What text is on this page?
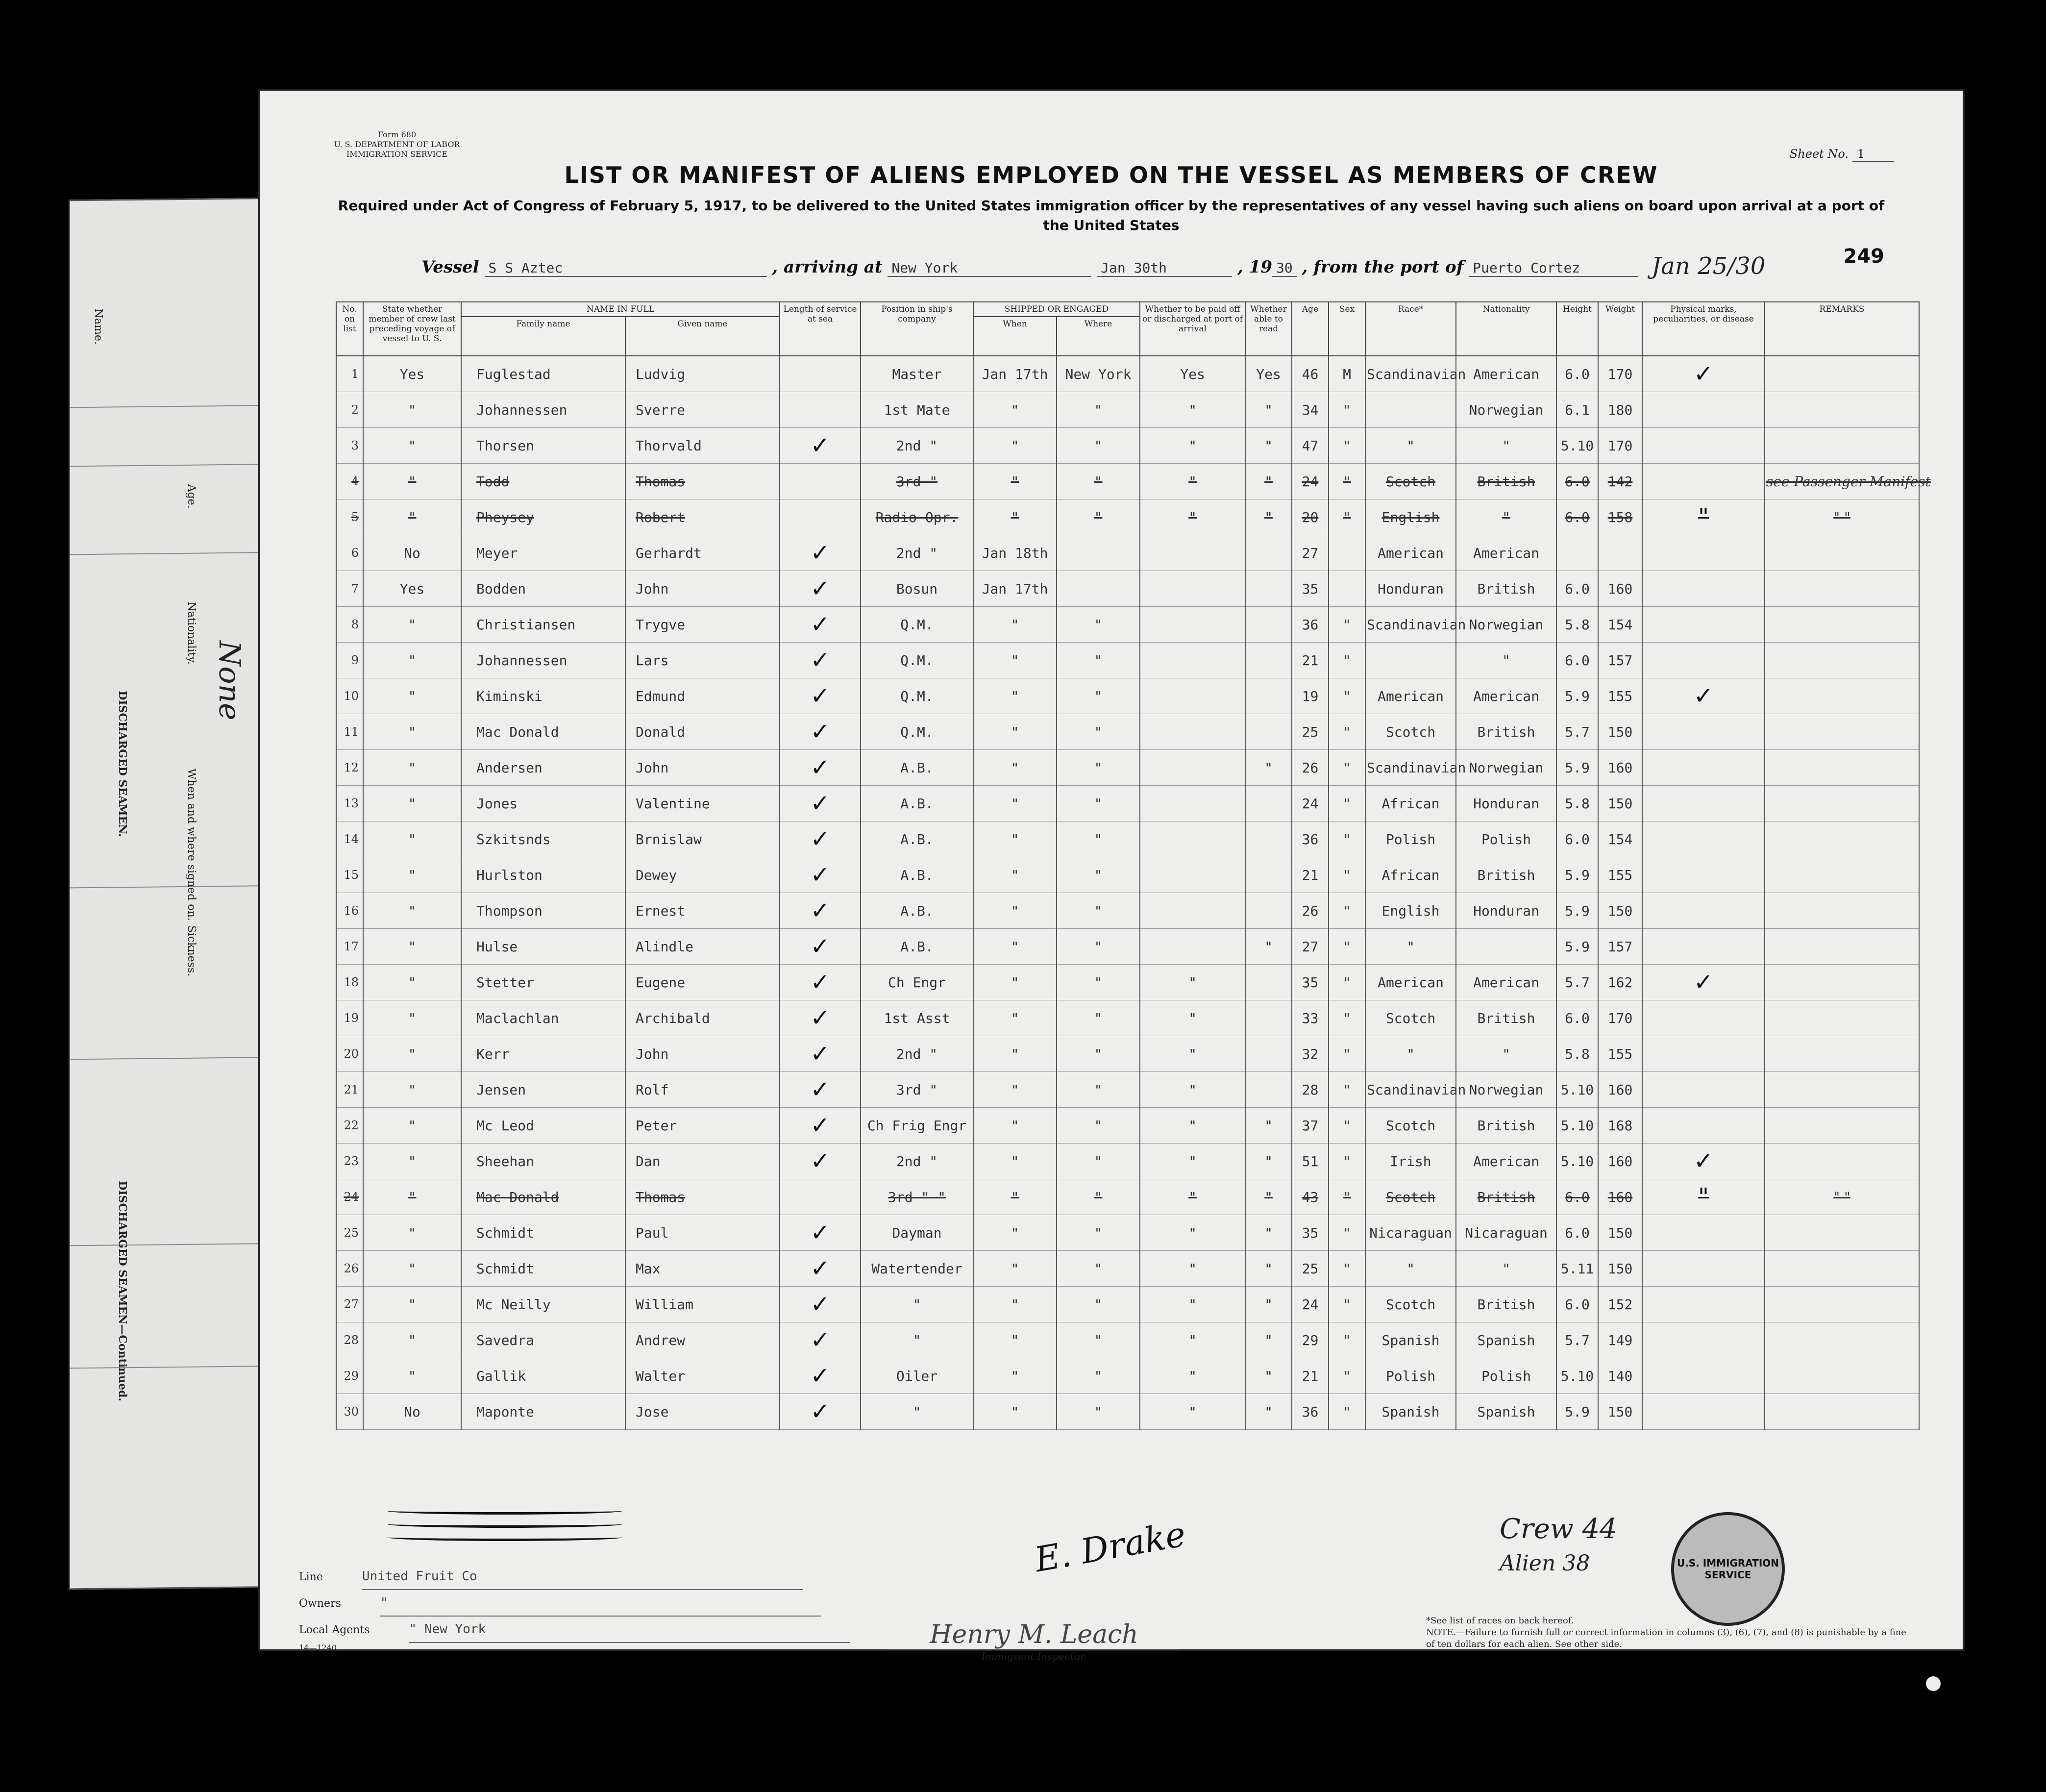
Name.
DISCHARGED SEAMEN.
Nationality.
Age.
When and where signed on.
Sickness.
None
DISCHARGED SEAMEN—Continued.
Form 680
U. S. DEPARTMENT OF LABOR
IMMIGRATION SERVICE	Sheet No. 1
LIST OR MANIFEST OF ALIENS EMPLOYED ON THE VESSEL AS MEMBERS OF CREW
Required under Act of Congress of February 5, 1917, to be delivered to the United States immigration officer by the representatives of any vessel having such aliens on board upon arrival at a port of the United States
249
Vessel S S Aztec	, arriving at New York	Jan 30th	, 19 30 , from the port of Puerto Cortez	Jan 25/30
No. on list	State whether member of crew last preceding voyage of vessel to U. S.	NAME IN FULL		Length of service at sea	Position in ship's company	SHIPPED OR ENGAGED		Whether to be paid off or discharged at port of arrival	Whether able to read	Age	Sex	Race*	Nationality	Height	Weight	Physical marks, peculiarities, or disease	REMARKS
		Family name	Given name			When	Where										
1	Yes	Fuglestad	Ludvig		Master	Jan 17th	New York	Yes	Yes	46	M	Scandinavian	American	6.0	170	✓	
2	"	Johannessen	Sverre		1st Mate	"	"	"	"	34	"		Norwegian	6.1	180		
3	"	Thorsen	Thorvald	✓	2nd "	"	"	"	"	47	"	"	"	5.10	170		
4	"	Todd	Thomas		3rd "	"	"	"	"	24	"	Scotch	British	6.0	142		see Passenger Manifest
5	"	Pheysey	Robert		Radio Opr.	"	"	"	"	20	"	English	"	6.0	158	"	" "
6	No	Meyer	Gerhardt	✓	2nd "	Jan 18th				27		American	American				
7	Yes	Bodden	John	✓	Bosun	Jan 17th				35		Honduran	British	6.0	160		
8	"	Christiansen	Trygve	✓	Q.M.	"	"			36	"	Scandinavian	Norwegian	5.8	154		
9	"	Johannessen	Lars	✓	Q.M.	"	"			21	"		"	6.0	157		
10	"	Kiminski	Edmund	✓	Q.M.	"	"			19	"	American	American	5.9	155	✓	
11	"	Mac Donald	Donald	✓	Q.M.	"	"			25	"	Scotch	British	5.7	150		
12	"	Andersen	John	✓	A.B.	"	"		"	26	"	Scandinavian	Norwegian	5.9	160		
13	"	Jones	Valentine	✓	A.B.	"	"			24	"	African	Honduran	5.8	150		
14	"	Szkitsnds	Brnislaw	✓	A.B.	"	"			36	"	Polish	Polish	6.0	154		
15	"	Hurlston	Dewey	✓	A.B.	"	"			21	"	African	British	5.9	155		
16	"	Thompson	Ernest	✓	A.B.	"	"			26	"	English	Honduran	5.9	150		
17	"	Hulse	Alindle	✓	A.B.	"	"		"	27	"	"		5.9	157		
18	"	Stetter	Eugene	✓	Ch Engr	"	"	"		35	"	American	American	5.7	162	✓	
19	"	Maclachlan	Archibald	✓	1st Asst	"	"	"		33	"	Scotch	British	6.0	170		
20	"	Kerr	John	✓	2nd "	"	"	"		32	"	"	"	5.8	155		
21	"	Jensen	Rolf	✓	3rd "	"	"	"		28	"	Scandinavian	Norwegian	5.10	160		
22	"	Mc Leod	Peter	✓	Ch Frig Engr	"	"	"	"	37	"	Scotch	British	5.10	168		
23	"	Sheehan	Dan	✓	2nd "	"	"	"	"	51	"	Irish	American	5.10	160	✓	
24	"	Mac Donald	Thomas		3rd " "	"	"	"	"	43	"	Scotch	British	6.0	160	"	" "
25	"	Schmidt	Paul	✓	Dayman	"	"	"	"	35	"	Nicaraguan	Nicaraguan	6.0	150		
26	"	Schmidt	Max	✓	Watertender	"	"	"	"	25	"	"	"	5.11	150		
27	"	Mc Neilly	William	✓	"	"	"	"	"	24	"	Scotch	British	6.0	152		
28	"	Savedra	Andrew	✓	"	"	"	"	"	29	"	Spanish	Spanish	5.7	149		
29	"	Gallik	Walter	✓	Oiler	"	"	"	"	21	"	Polish	Polish	5.10	140		
30	No	Maponte	Jose	✓	"	"	"	"	"	36	"	Spanish	Spanish	5.9	150		
Line	United Fruit Co
Owners	"
Local Agents	" New York
14—1240
E. Drake
Henry M. Leach
Immigrant Inspector.
Crew 44
Alien 38	U.S. IMMIGRATION SERVICE
*See list of races on back hereof.
NOTE.—Failure to furnish full or correct information in columns (3), (6), (7), and (8) is punishable by a fine of ten dollars for each alien. See other side.
